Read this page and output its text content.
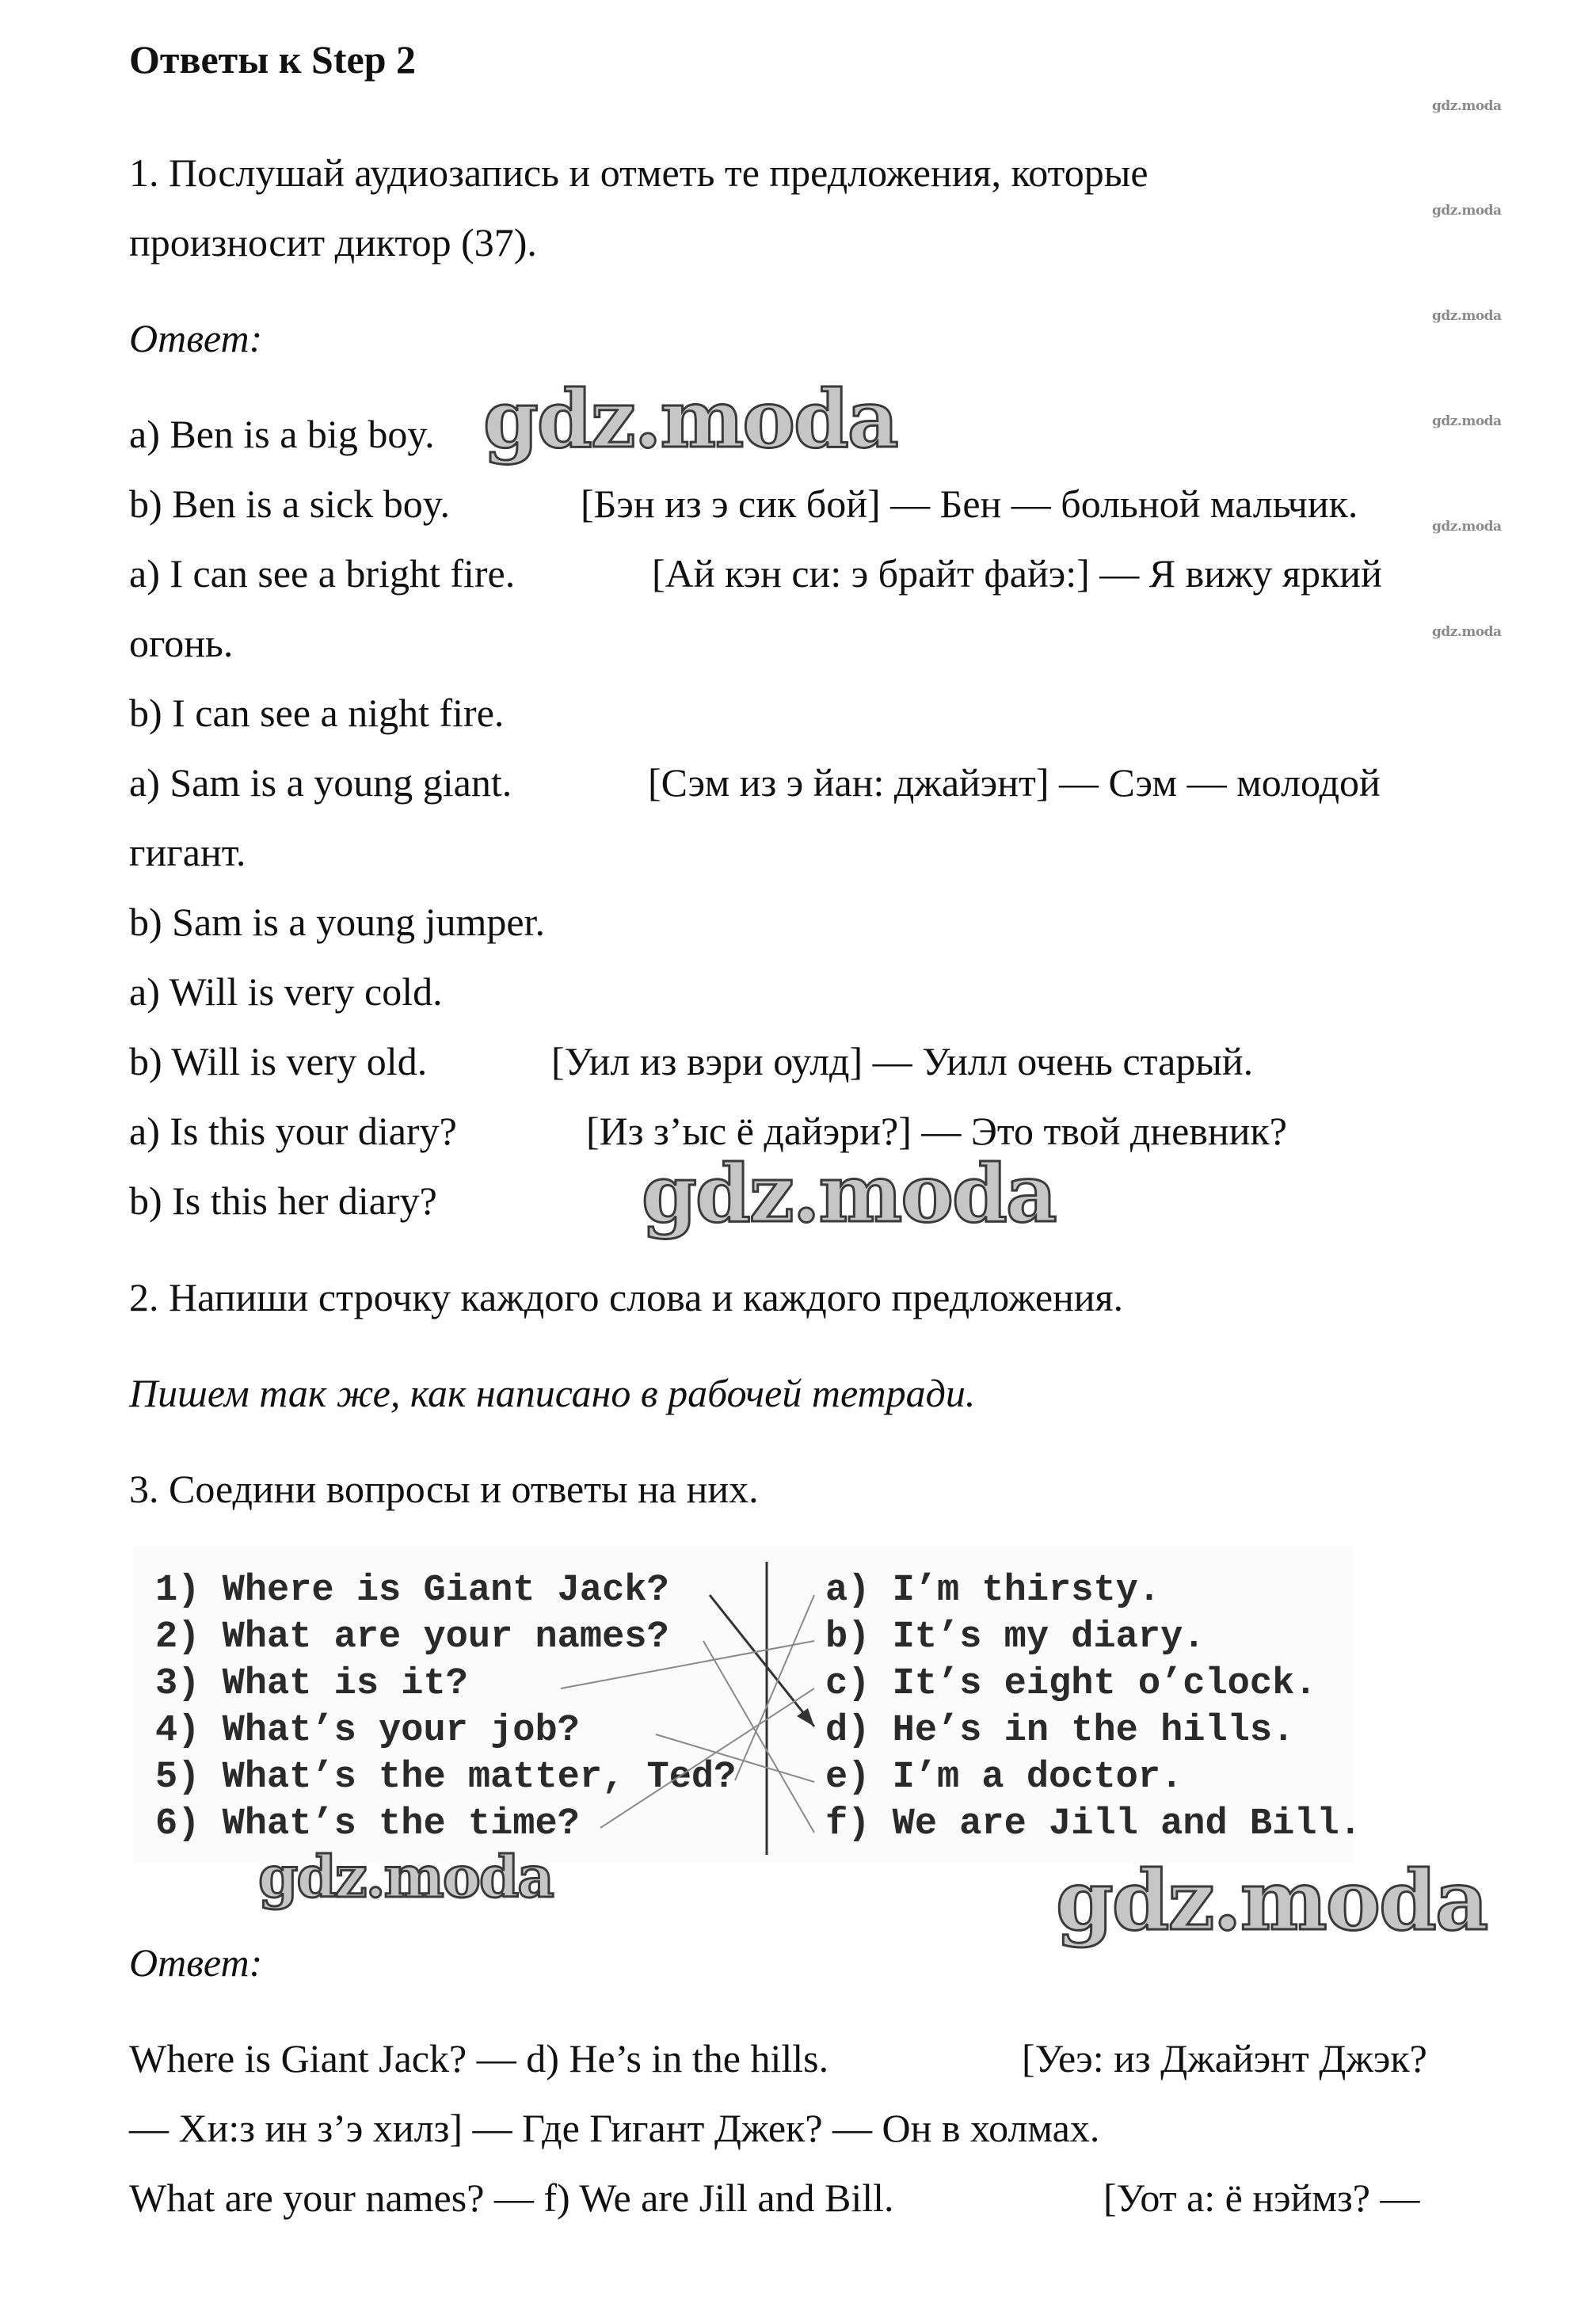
Ответы к Step 2
gdz.moda
gdz.moda
gdz.moda
gdz.moda
gdz.moda
gdz.moda
1. Послушай аудиозапись и отметь те предложения, которые
произносит диктор (37).
Ответ:
a) Ben is a big boy.
b) Ben is a sick boy.	[Бэн из э сик бой] — Бен — больной мальчик.
a) I can see a bright fire.	[Ай кэн си: э брайт файэ:] — Я вижу яркий
огонь.
b) I can see a night fire.
a) Sam is a young giant.	[Сэм из э йан: джайэнт] — Сэм — молодой
гигант.
b) Sam is a young jumper.
a) Will is very cold.
b) Will is very old.	[Уил из вэри оулд] — Уилл очень старый.
a) Is this your diary?	[Из з’ыс ё дайэри?] — Это твой дневник?
b) Is this her diary?
gdz.moda
gdz.moda
2. Напиши строчку каждого слова и каждого предложения.
Пишем так же, как написано в рабочей тетради.
3. Соедини вопросы и ответы на них.
1) Where is Giant Jack?
2) What are your names?
3) What is it?
4) What’s your job?
5) What’s the matter, Ted?
6) What’s the time?
a) I’m thirsty.
b) It’s my diary.
c) It’s eight o’clock.
d) He’s in the hills.
e) I’m a doctor.
f) We are Jill and Bill.
gdz.moda	gdz.moda
Ответ:
Where is Giant Jack? — d) He’s in the hills.	[Уеэ: из Джайэнт Джэк?
— Хи:з ин з’э хилз] — Где Гигант Джек? — Он в холмах.
What are your names? — f) We are Jill and Bill.	[Уот а: ё нэймз? —
